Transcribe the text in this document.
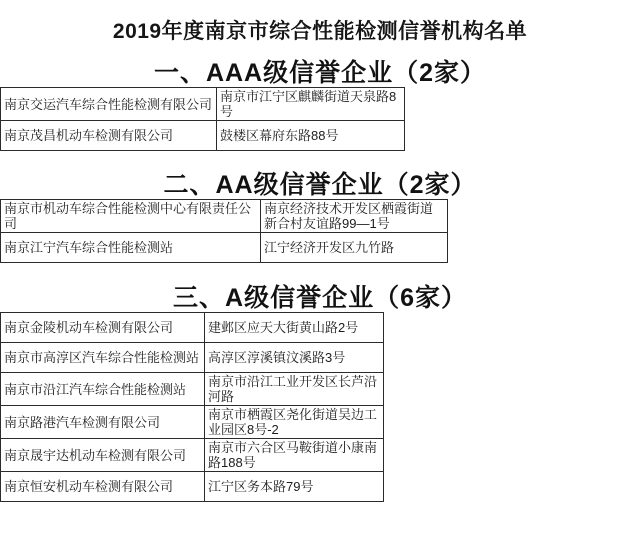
2019年度南京市综合性能检测信誉机构名单
一、AAA级信誉企业（2家）
南京交运汽车综合性能检测有限公司	南京市江宁区麒麟街道天泉路8号
南京茂昌机动车检测有限公司	鼓楼区幕府东路88号
二、AA级信誉企业（2家）
南京市机动车综合性能检测中心有限责任公司	南京经济技术开发区栖霞街道新合村友谊路99—1号
南京江宁汽车综合性能检测站	江宁经济开发区九竹路
三、A级信誉企业（6家）
南京金陵机动车检测有限公司	建邺区应天大街黄山路2号
南京市高淳区汽车综合性能检测站	高淳区淳溪镇汶溪路3号
南京市沿江汽车综合性能检测站	南京市沿江工业开发区长芦沿河路
南京路港汽车检测有限公司	南京市栖霞区尧化街道吴边工业园区8号-2
南京晟宇达机动车检测有限公司	南京市六合区马鞍街道小康南路188号
南京恒安机动车检测有限公司	江宁区务本路79号
